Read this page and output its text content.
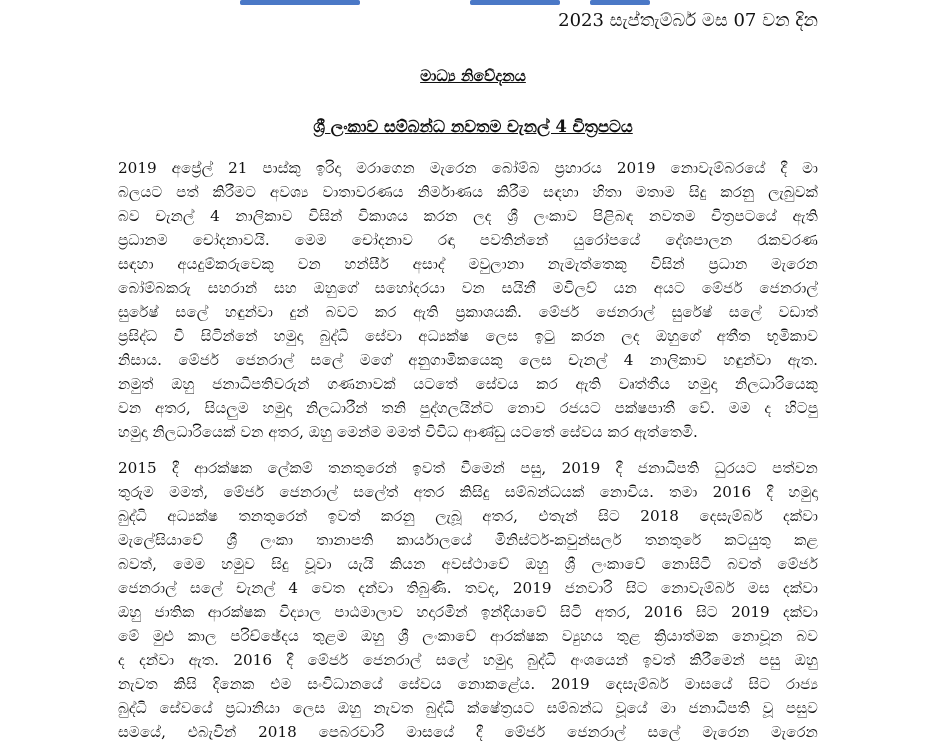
2023 සැප්තැම්බර් මස 07 වන දින
මාධ්‍ය නිවේදනය
ශ්‍රී ලංකාව සම්බන්ධ නවතම චැනල් 4 චිත්‍රපටය
2019 අප්‍රේල් 21 පාස්කු ඉරිදා මරාගෙන මැරෙන බෝම්බ ප්‍රහාරය 2019 නොවැම්බරයේ දී මා
බලයට පත් කිරීමට අවශ්‍ය වාතාවරණය නිර්මාණය කිරීම සඳහා හිතා මතාම සිදු කරනු ලැබුවක්
බව චැනල් 4 නාලිකාව විසින් විකාශය කරන ලද ශ්‍රී ලංකාව පිළිබඳ නවතම චිත්‍රපටයේ ඇති
ප්‍රධානම චෝදනාවයි. මෙම චෝදනාව රඳා පවතින්නේ යුරෝපයේ දේශපාලන රැකවරණ
සඳහා අයදුම්කරුවෙකු වන හන්සීර් අසාද් මවුලානා නැමැත්තෙකු විසින් ප්‍රධාන මැරෙන
බෝම්බකරු සහරාන් සහ ඔහුගේ සහෝදරයා වන සයිනී මවිලව් යන අයට මේජර් ජෙනරාල්
සුරේෂ් සලේ හඳුන්වා දුන් බවට කර ඇති ප්‍රකාශයකි. මේජර් ජෙනරාල් සුරේෂ් සලේ වඩාත්
ප්‍රසිද්ධ වී සිටින්නේ හමුදා බුද්ධි සේවා අධ්‍යක්ෂ ලෙස ඉටු කරන ලද ඔහුගේ අතීත භූමිකාව
නිසාය. මේජර් ජෙනරාල් සලේ මගේ අනුගාමිකයෙකු ලෙස චැනල් 4 නාලිකාව හඳුන්වා ඇත.
නමුත් ඔහු ජනාධිපතිවරුන් ගණනාවක් යටතේ සේවය කර ඇති වෘත්තීය හමුදා නිලධාරියෙකු
වන අතර, සියලුම හමුදා නිලධාරීන් තනි පුද්ගලයින්ට නොව රජයට පක්ෂපාතී වේ. මම ද හිටපු
හමුදා නිලධාරියෙක් වන අතර, ඔහු මෙන්ම මමත් විවිධ ආණ්ඩු යටතේ සේවය කර ඇත්තෙමි.
2015 දී ආරක්ෂක ලේකම් තනතුරෙන් ඉවත් වීමෙන් පසු, 2019 දී ජනාධිපති ධුරයට පත්වන
තුරුම මමත්, මේජර් ජෙනරාල් සලේත් අතර කිසිදු සම්බන්ධයක් නොවිය. තමා 2016 දී හමුදා
බුද්ධි අධ්‍යක්ෂ තනතුරෙන් ඉවත් කරනු ලැබූ අතර, එතැන් සිට 2018 දෙසැම්බර් දක්වා
මැලේසියාවේ ශ්‍රී ලංකා තානාපති කාර්යාලයේ මිනිස්ටර්-කවුන්සලර් තනතුරේ කටයුතු කළ
බවත්, මෙම හමුව සිදු වූවා යැයි කියන අවස්ථාවේ ඔහු ශ්‍රී ලංකාවේ නොසිටි බවත් මේජර්
ජෙනරාල් සලේ චැනල් 4 වෙත දන්වා තිබුණි. තවද, 2019 ජනවාරි සිට නොවැම්බර් මස දක්වා
ඔහු ජාතික ආරක්ෂක විද්‍යාල පාඨමාලාව හදාරමින් ඉන්දියාවේ සිටි අතර, 2016 සිට 2019 දක්වා
මේ මුළු කාල පරිච්ඡේදය තුළම ඔහු ශ්‍රී ලංකාවේ ආරක්ෂක ව්‍යුහය තුළ ක්‍රියාත්මක නොවූන බව
ද දන්වා ඇත. 2016 දී මේජර් ජෙනරාල් සලේ හමුදා බුද්ධි අංශයෙන් ඉවත් කිරීමෙන් පසු ඔහු
නැවත කිසි දිනෙක එම සංවිධානයේ සේවය නොකළේය. 2019 දෙසැම්බර් මාසයේ සිට රාජ්‍ය
බුද්ධි සේවයේ ප්‍රධානියා ලෙස ඔහු නැවත බුද්ධි ක්ෂේත්‍රයට සම්බන්ධ වූයේ මා ජනාධිපති වූ පසුව
සමයේ, එබැවින් 2018 පෙබරවාරි මාසයේ දී මේජර් ජෙනරාල් සලේ මැරෙන මැරෙන
